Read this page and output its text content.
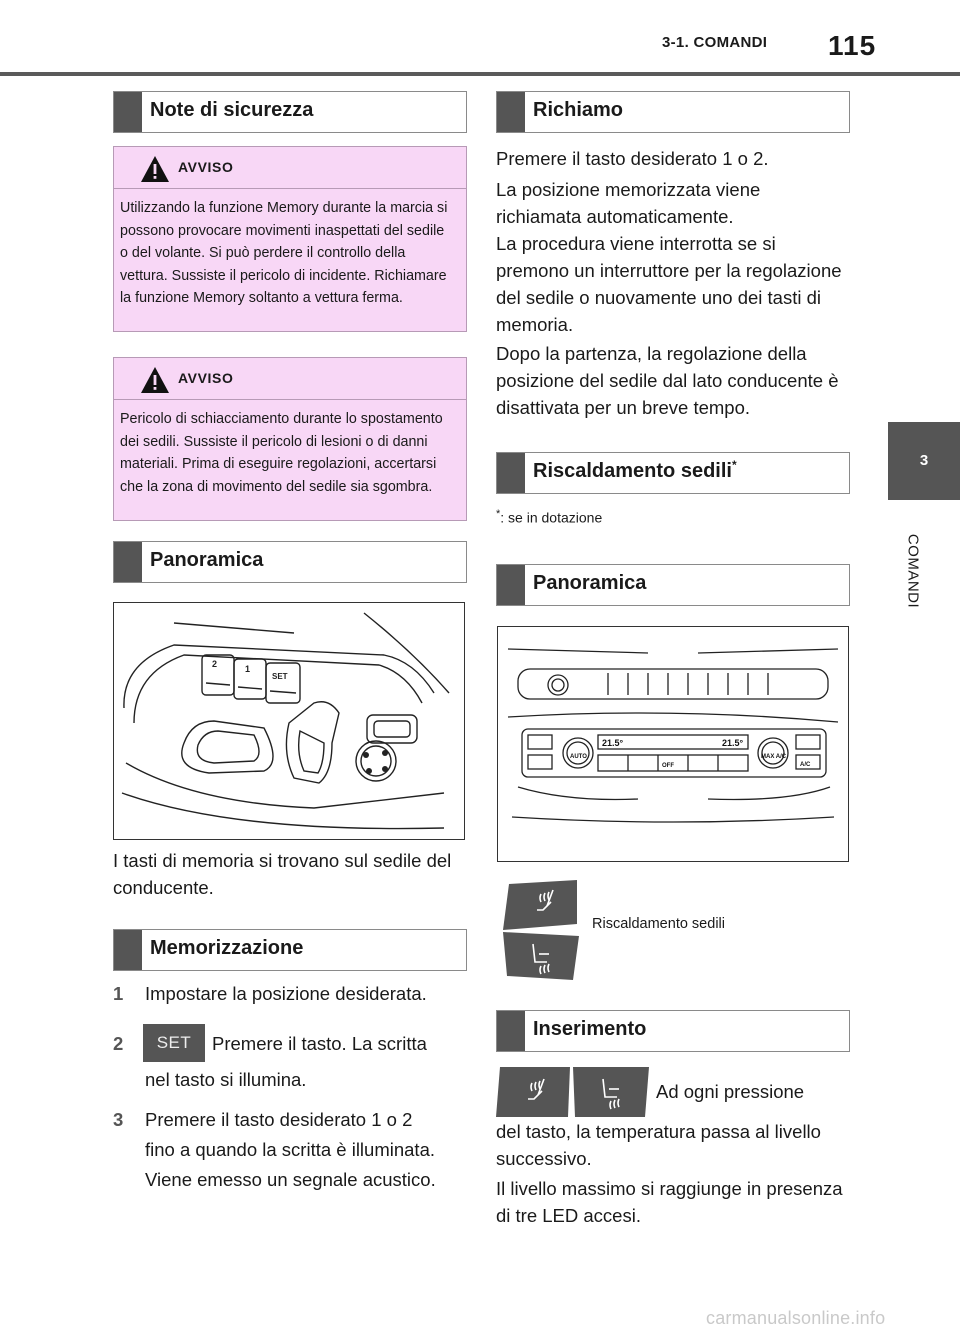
3-1. COMANDI 115
3
COMANDI
Note di sicurezza
AVVISO
Utilizzando la funzione Memory durante la marcia si possono provocare movimenti inaspettati del sedile o del volante. Si può perdere il controllo della vettura. Sussiste il pericolo di incidente. Richiamare la funzione Memory soltanto a vettura ferma.
AVVISO
Pericolo di schiacciamento durante lo spostamento dei sedili. Sussiste il pericolo di lesioni o di danni materiali. Prima di eseguire regolazioni, accertarsi che la zona di movimento del sedile sia sgombra.
Panoramica
2	1
SET
I tasti di memoria si trovano sul sedile del conducente.
Memorizzazione
1 Impostare la posizione desiderata.
2	SET	Premere il tasto. La scritta
nel tasto si illumina.
3 Premere il tasto desiderato 1 o 2
fino a quando la scritta è illuminata.
Viene emesso un segnale acustico.
Richiamo
Premere il tasto desiderato 1 o 2.
La posizione memorizzata viene richiamata automaticamente.
La procedura viene interrotta se si premono un interruttore per la regolazione del sedile o nuovamente uno dei tasti di memoria.
Dopo la partenza, la regolazione della posizione del sedile dal lato conducente è disattivata per un breve tempo.
Riscaldamento sedili*
*: se in dotazione
Panoramica
21.5°	21.5°
AUTO	MAX A/C
A/C
OFF
Riscaldamento sedili
Inserimento
Ad ogni pressione
del tasto, la temperatura passa al livello successivo.
Il livello massimo si raggiunge in presenza di tre LED accesi.
carmanualsonline.info
